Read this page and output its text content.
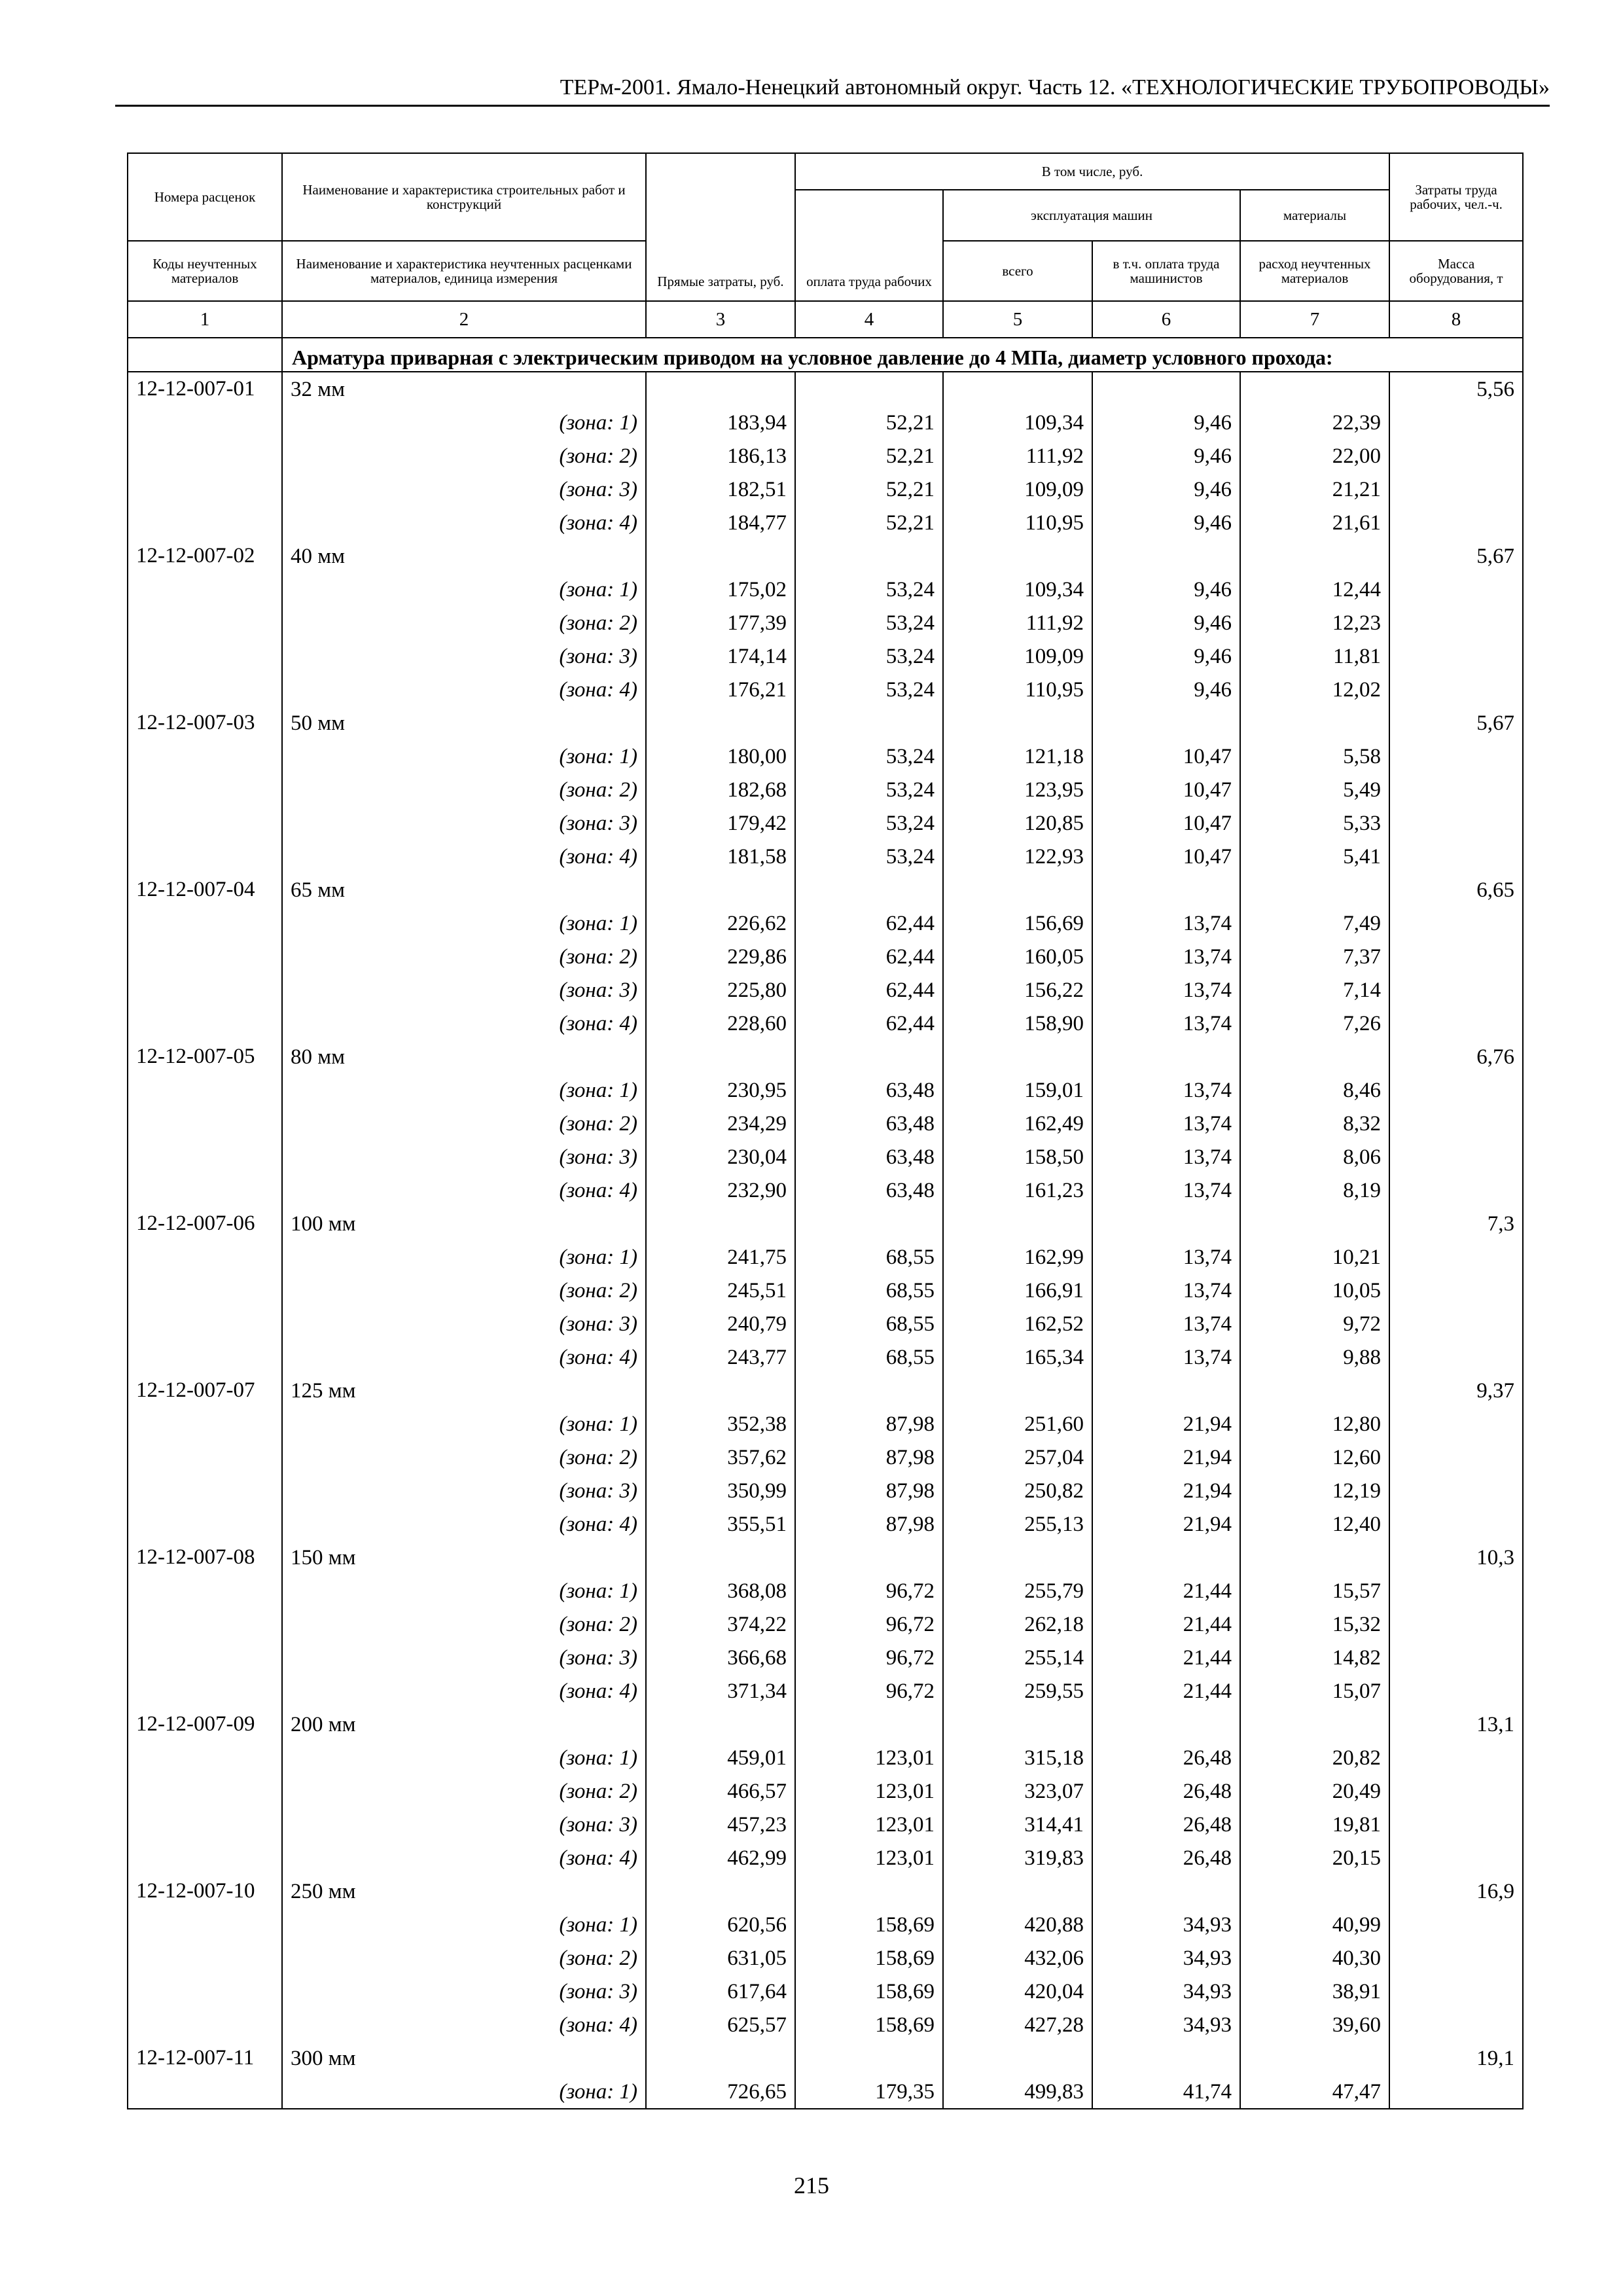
ТЕРм-2001. Ямало-Ненецкий автономный округ. Часть 12. «ТЕХНОЛОГИЧЕСКИЕ ТРУБОПРОВОДЫ»
Номера расценок	Наименование и характеристика строительных работ и конструкций	Прямые затраты, руб.	В том числе, руб.				Затраты труда рабочих, чел.-ч.
			оплата труда рабочих	эксплуатация машин		материалы	
Коды неучтенных материалов	Наименование и характеристика неучтенных расценками материалов, единица измерения			всего	в т.ч. оплата труда машинистов	расход неучтенных материалов	Масса оборудования, т
1	2	3	4	5	6	7	8
	Арматура приварная с электрическим приводом на условное давление до 4 МПа, диаметр условного прохода:						
12-12-007-01	32 мм						5,56
	(зона: 1)	183,94	52,21	109,34	9,46	22,39	
	(зона: 2)	186,13	52,21	111,92	9,46	22,00	
	(зона: 3)	182,51	52,21	109,09	9,46	21,21	
	(зона: 4)	184,77	52,21	110,95	9,46	21,61	
12-12-007-02	40 мм						5,67
	(зона: 1)	175,02	53,24	109,34	9,46	12,44	
	(зона: 2)	177,39	53,24	111,92	9,46	12,23	
	(зона: 3)	174,14	53,24	109,09	9,46	11,81	
	(зона: 4)	176,21	53,24	110,95	9,46	12,02	
12-12-007-03	50 мм						5,67
	(зона: 1)	180,00	53,24	121,18	10,47	5,58	
	(зона: 2)	182,68	53,24	123,95	10,47	5,49	
	(зона: 3)	179,42	53,24	120,85	10,47	5,33	
	(зона: 4)	181,58	53,24	122,93	10,47	5,41	
12-12-007-04	65 мм						6,65
	(зона: 1)	226,62	62,44	156,69	13,74	7,49	
	(зона: 2)	229,86	62,44	160,05	13,74	7,37	
	(зона: 3)	225,80	62,44	156,22	13,74	7,14	
	(зона: 4)	228,60	62,44	158,90	13,74	7,26	
12-12-007-05	80 мм						6,76
	(зона: 1)	230,95	63,48	159,01	13,74	8,46	
	(зона: 2)	234,29	63,48	162,49	13,74	8,32	
	(зона: 3)	230,04	63,48	158,50	13,74	8,06	
	(зона: 4)	232,90	63,48	161,23	13,74	8,19	
12-12-007-06	100 мм						7,3
	(зона: 1)	241,75	68,55	162,99	13,74	10,21	
	(зона: 2)	245,51	68,55	166,91	13,74	10,05	
	(зона: 3)	240,79	68,55	162,52	13,74	9,72	
	(зона: 4)	243,77	68,55	165,34	13,74	9,88	
12-12-007-07	125 мм						9,37
	(зона: 1)	352,38	87,98	251,60	21,94	12,80	
	(зона: 2)	357,62	87,98	257,04	21,94	12,60	
	(зона: 3)	350,99	87,98	250,82	21,94	12,19	
	(зона: 4)	355,51	87,98	255,13	21,94	12,40	
12-12-007-08	150 мм						10,3
	(зона: 1)	368,08	96,72	255,79	21,44	15,57	
	(зона: 2)	374,22	96,72	262,18	21,44	15,32	
	(зона: 3)	366,68	96,72	255,14	21,44	14,82	
	(зона: 4)	371,34	96,72	259,55	21,44	15,07	
12-12-007-09	200 мм						13,1
	(зона: 1)	459,01	123,01	315,18	26,48	20,82	
	(зона: 2)	466,57	123,01	323,07	26,48	20,49	
	(зона: 3)	457,23	123,01	314,41	26,48	19,81	
	(зона: 4)	462,99	123,01	319,83	26,48	20,15	
12-12-007-10	250 мм						16,9
	(зона: 1)	620,56	158,69	420,88	34,93	40,99	
	(зона: 2)	631,05	158,69	432,06	34,93	40,30	
	(зона: 3)	617,64	158,69	420,04	34,93	38,91	
	(зона: 4)	625,57	158,69	427,28	34,93	39,60	
12-12-007-11	300 мм						19,1
	(зона: 1)	726,65	179,35	499,83	41,74	47,47	
215
